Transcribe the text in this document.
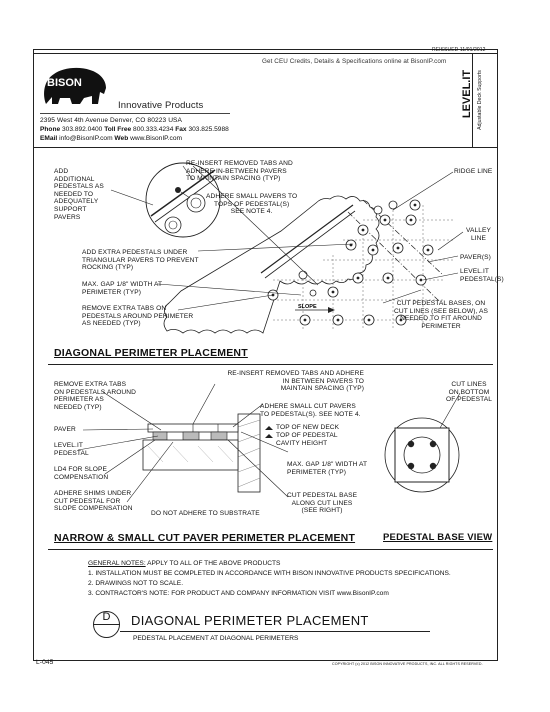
REISSUED 11/01/2012
Get CEU Credits, Details & Specifications online at BisonIP.com
BISON
Innovative Products
2395 West 4th Avenue Denver, CO 80223 USA
Phone 303.892.0400 Toll Free 800.333.4234 Fax 303.825.5988
EMail info@BisonIP.com Web www.BisonIP.com
LEVEL.IT Adjustable Deck Supports
SLOPE
ADD
ADDITIONAL
PEDESTALS AS
NEEDED TO
ADEQUATELY
SUPPORT
PAVERS
RE-INSERT REMOVED TABS AND
ADHERE IN-BETWEEN PAVERS
TO MAINTAIN SPACING (TYP)
ADHERE SMALL PAVERS TO
TOPS OF PEDESTAL(S)
SEE NOTE 4.
RIDGE LINE
VALLEY
LINE
ADD EXTRA PEDESTALS UNDER
TRIANGULAR PAVERS TO PREVENT
ROCKING (TYP)
PAVER(S)
MAX. GAP 1/8" WIDTH AT
PERIMETER (TYP)
LEVEL.IT
PEDESTAL(S)
REMOVE EXTRA TABS ON
PEDESTALS AROUND PERIMETER
AS NEEDED (TYP)
CUT PEDESTAL BASES, ON
CUT LINES (SEE BELOW), AS
NEEDED TO FIT AROUND
PERIMETER
DIAGONAL PERIMETER PLACEMENT
REMOVE EXTRA TABS
ON PEDESTALS AROUND
PERIMETER AS
NEEDED (TYP)
RE-INSERT REMOVED TABS AND ADHERE
IN BETWEEN PAVERS TO
MAINTAIN SPACING (TYP)
ADHERE SMALL CUT PAVERS
TO PEDESTAL(S). SEE NOTE 4.
PAVER	TOP OF NEW DECK
TOP OF PEDESTAL
CAVITY HEIGHT
LEVEL.IT
PEDESTAL
LD4 FOR SLOPE
COMPENSATION
MAX. GAP 1/8" WIDTH AT
PERIMETER (TYP)
ADHERE SHIMS UNDER
CUT PEDESTAL FOR
SLOPE COMPENSATION
CUT PEDESTAL BASE
ALONG CUT LINES
(SEE RIGHT)
DO NOT ADHERE TO SUBSTRATE
CUT LINES
ON BOTTOM
OF PEDESTAL
NARROW & SMALL CUT PAVER PERIMETER PLACEMENT	PEDESTAL BASE VIEW
GENERAL NOTES: APPLY TO ALL OF THE ABOVE PRODUCTS
1. INSTALLATION MUST BE COMPLETED IN ACCORDANCE WITH BISON INNOVATIVE PRODUCTS SPECIFICATIONS.
2. DRAWINGS NOT TO SCALE.
3. CONTRACTOR'S NOTE: FOR PRODUCT AND COMPANY INFORMATION VISIT www.BisonIP.com
D	DIAGONAL PERIMETER PLACEMENT
PEDESTAL PLACEMENT AT DIAGONAL PERIMETERS
L-045	COPYRIGHT (c) 2012 BISON INNOVATIVE PRODUCTS, INC. ALL RIGHTS RESERVED.
